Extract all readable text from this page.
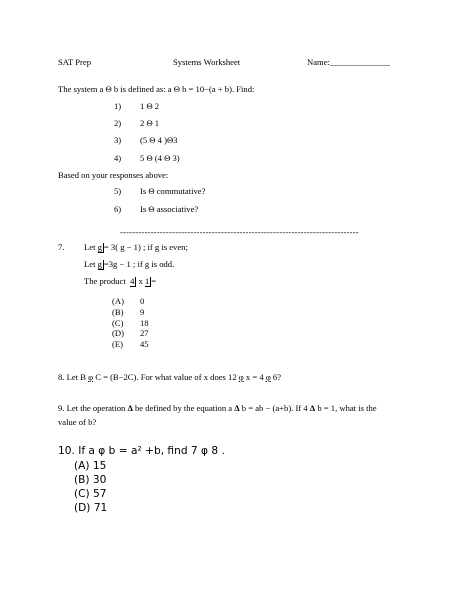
SAT Prep	Systems Worksheet	Name:______________
The system a Θ b is defined as: a Θ b = 10−(a + b). Find:
1) 1 Θ 2
2) 2 Θ 1
3) (5 Θ 4 )Θ3
4) 5 Θ (4 Θ 3)
Based on your responses above:
5) Is Θ commutative?
6) Is Θ associative?
------------------------------------------------------------------------------
7. Let g = 3( g − 1) ; if g is even;
Let g =3g − 1 ; if g is odd.
The product 4 x 1 =
(A) 0
(B) 9
(C) 18
(D) 27
(E) 45
8. Let B φ C = (B−2C). For what value of x does 12 φ x = 4 φ 6?
9. Let the operation Δ be defined by the equation a Δ b = ab − (a+b). If 4 Δ b = 1, what is the
value of b?
10. If a φ b = a² +b, find 7 φ 8 .
(A) 15
(B) 30
(C) 57
(D) 71
